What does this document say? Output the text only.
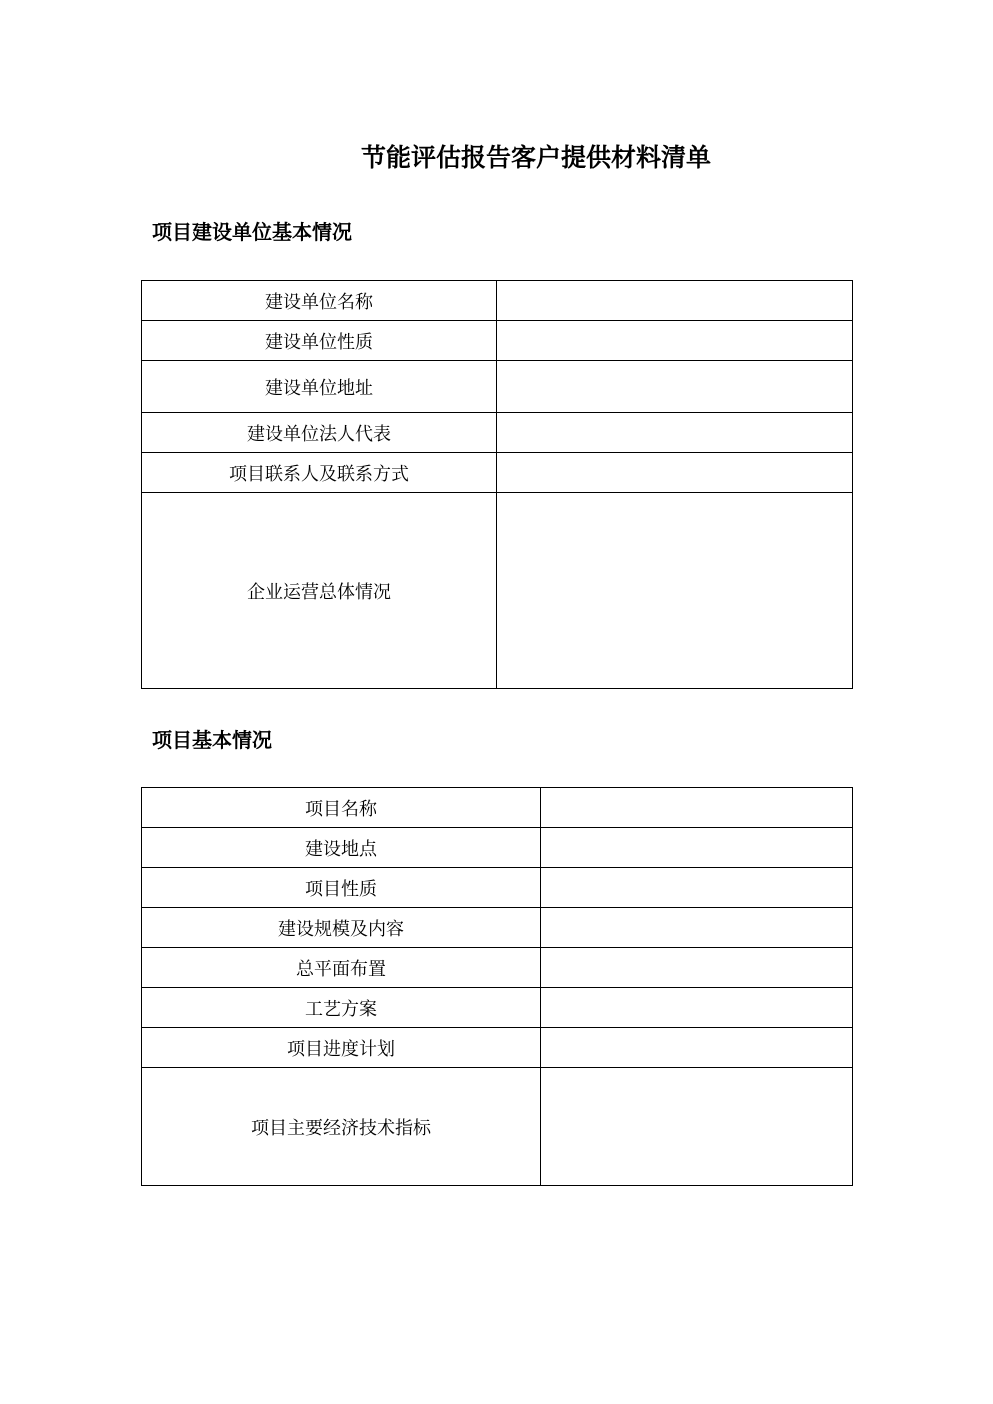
节能评估报告客户提供材料清单
项目建设单位基本情况
建设单位名称	
建设单位性质	
建设单位地址	
建设单位法人代表	
项目联系人及联系方式	
企业运营总体情况	
项目基本情况
项目名称	
建设地点	
项目性质	
建设规模及内容	
总平面布置	
工艺方案	
项目进度计划	
项目主要经济技术指标	
